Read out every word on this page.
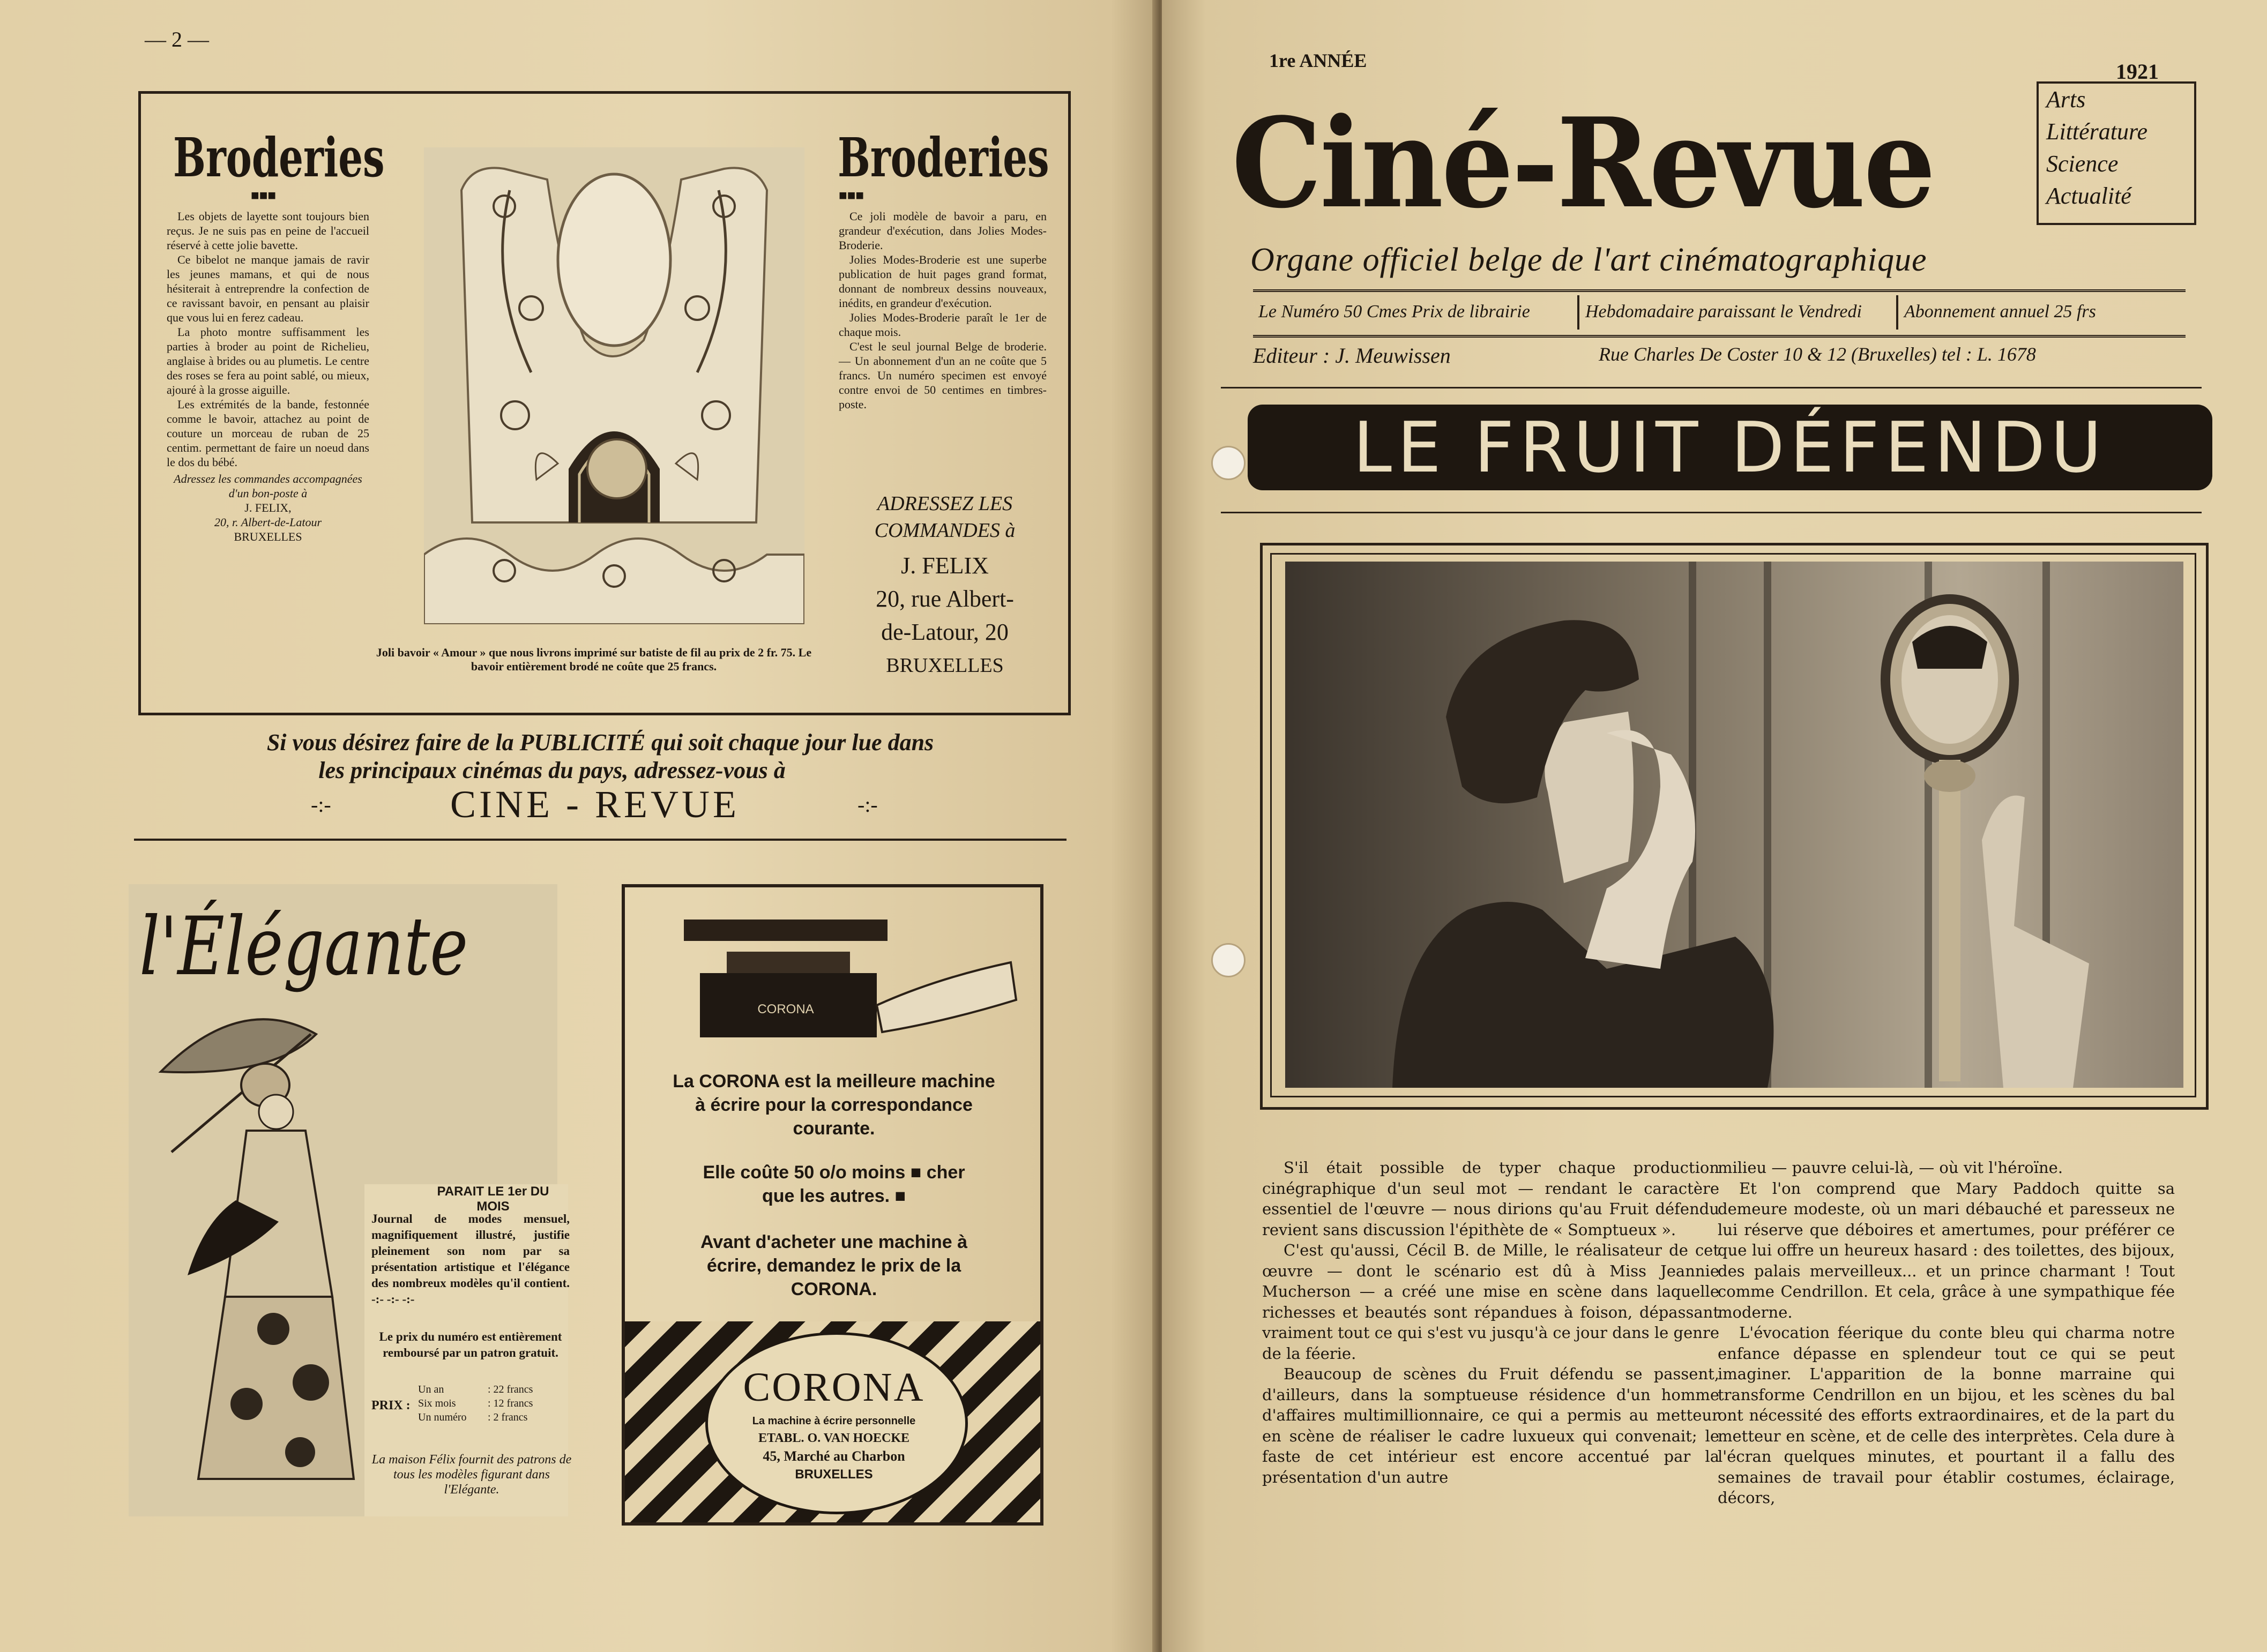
— 2 —
Broderies
■■■

Les objets de layette sont toujours bien reçus. Je ne suis pas en peine de l'accueil réservé à cette jolie bavette.

Ce bibelot ne manque jamais de ravir les jeunes mamans, et qui de nous hésiterait à entreprendre la confection de ce ravissant bavoir, en pensant au plaisir que vous lui en ferez cadeau.

La photo montre suffisamment les parties à broder au point de Richelieu, anglaise à brides ou au plumetis. Le centre des roses se fera au point sablé, ou mieux, ajouré à la grosse aiguille.

Les extrémités de la bande, festonnée comme le bavoir, attachez au point de couture un morceau de ruban de 25 centim. permettant de faire un noeud dans le dos du bébé.

Adressez les commandes accompagnées d'un bon-poste à

J. FELIX,

20, r. Albert-de-Latour

BRUXELLES

Joli bavoir « Amour » que nous livrons imprimé sur batiste de fil au prix de 2 fr. 75. Le bavoir entièrement brodé ne coûte que 25 francs.
Broderies
■■■

Ce joli modèle de bavoir a paru, en grandeur d'exécution, dans Jolies Modes-Broderie.

Jolies Modes-Broderie est une superbe publication de huit pages grand format, donnant de nombreux dessins nouveaux, inédits, en grandeur d'exécution.

Jolies Modes-Broderie paraît le 1er de chaque mois.

C'est le seul journal Belge de broderie. — Un abonnement d'un an ne coûte que 5 francs. Un numéro specimen est envoyé contre envoi de 50 centimes en timbres-poste.

ADRESSEZ LES

COMMANDES à

J. FELIX

20, rue Albert-

de-Latour, 20

BRUXELLES

Si vous désirez faire de la PUBLICITÉ qui soit chaque jour lue dans
les principaux cinémas du pays, adressez-vous à
-:-	CINE - REVUE	-:-
l'Élégante
PARAIT LE 1er DU MOIS
Journal de modes mensuel, magnifiquement illustré, justifie pleinement son nom par sa présentation artistique et l'élégance des nombreux modèles qu'il contient. -:- -:- -:-
Le prix du numéro est entièrement remboursé par un patron gratuit.
PRIX :

Un an	: 22 francs

Six mois	: 12 francs

Un numéro : 2 francs

La maison Félix fournit des patrons de tous les modèles figurant dans l'Elégante.
CORONA
La CORONA est la meilleure machine à écrire pour la correspondance courante.
Elle coûte 50 o/o moins ■ cher que les autres. ■
Avant d'acheter une machine à écrire, demandez le prix de la CORONA.
CORONA
La machine à écrire personnelle
ETABL. O. VAN HOECKE
45, Marché au Charbon
BRUXELLES
1re ANNÉE	1921
Ciné-Revue	Arts
Littérature
Science
Actualité
Organe officiel belge de l'art cinématographique
Le Numéro 50 Cmes Prix de librairie	Hebdomadaire paraissant le Vendredi Abonnement annuel 25 frs
Editeur : J. Meuwissen	Rue Charles De Coster 10 & 12 (Bruxelles) tel : L. 1678
LE FRUIT DÉFENDU

S'il était possible de typer chaque production cinégraphique d'un seul mot — rendant le caractère essentiel de l'œuvre — nous dirions qu'au Fruit défendu revient sans discussion l'épithète de « Somptueux ».

C'est qu'aussi, Cécil B. de Mille, le réalisateur de cet œuvre — dont le scénario est dû à Miss Jeannie Mucherson — a créé une mise en scène dans laquelle richesses et beautés sont répandues à foison, dépassant vraiment tout ce qui s'est vu jusqu'à ce jour dans le genre de la féerie.

Beaucoup de scènes du Fruit défendu se passent, d'ailleurs, dans la somptueuse résidence d'un homme d'affaires multimillionnaire, ce qui a permis au metteur en scène de réaliser le cadre luxueux qui convenait; le faste de cet intérieur est encore accentué par la présentation d'un autre

milieu — pauvre celui-là, — où vit l'héroïne.

Et l'on comprend que Mary Paddoch quitte sa demeure modeste, où un mari débauché et paresseux ne lui réserve que déboires et amertumes, pour préférer ce que lui offre un heureux hasard : des toilettes, des bijoux, des palais merveilleux... et un prince charmant ! Tout comme Cendrillon. Et cela, grâce à une sympathique fée moderne.

L'évocation féerique du conte bleu qui charma notre enfance dépasse en splendeur tout ce qui se peut imaginer. L'apparition de la bonne marraine qui transforme Cendrillon en un bijou, et les scènes du bal ont nécessité des efforts extraordinaires, et de la part du metteur en scène, et de celle des interprètes. Cela dure à l'écran quelques minutes, et pourtant il a fallu des semaines de travail pour établir costumes, éclairage, décors,
